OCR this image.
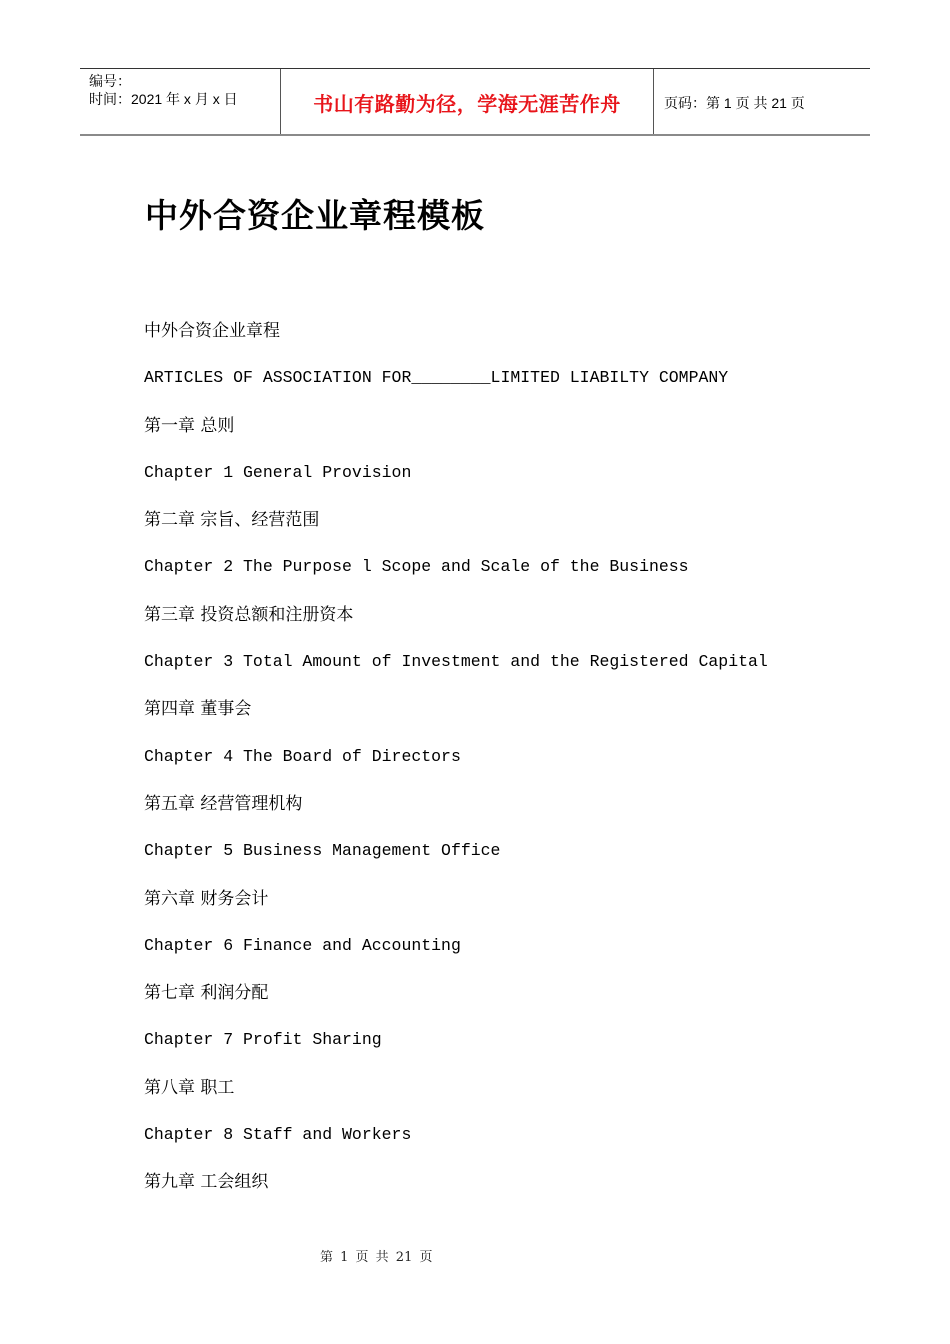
编号：
时间：2021 年 x 月 x 日	书山有路勤为径，学海无涯苦作舟	页码：第 1 页 共 21 页
中外合资企业章程模板
中外合资企业章程
ARTICLES OF ASSOCIATION FOR________LIMITED LIABILTY COMPANY
第一章 总则
Chapter 1 General Provision
第二章 宗旨、经营范围
Chapter 2 The Purpose l Scope and Scale of the Business
第三章 投资总额和注册资本
Chapter 3 Total Amount of Investment and the Registered Capital
第四章 董事会
Chapter 4 The Board of Directors
第五章 经营管理机构
Chapter 5 Business Management Office
第六章 财务会计
Chapter 6 Finance and Accounting
第七章 利润分配
Chapter 7 Profit Sharing
第八章 职工
Chapter 8 Staff and Workers
第九章 工会组织
第 1 页 共 21 页
